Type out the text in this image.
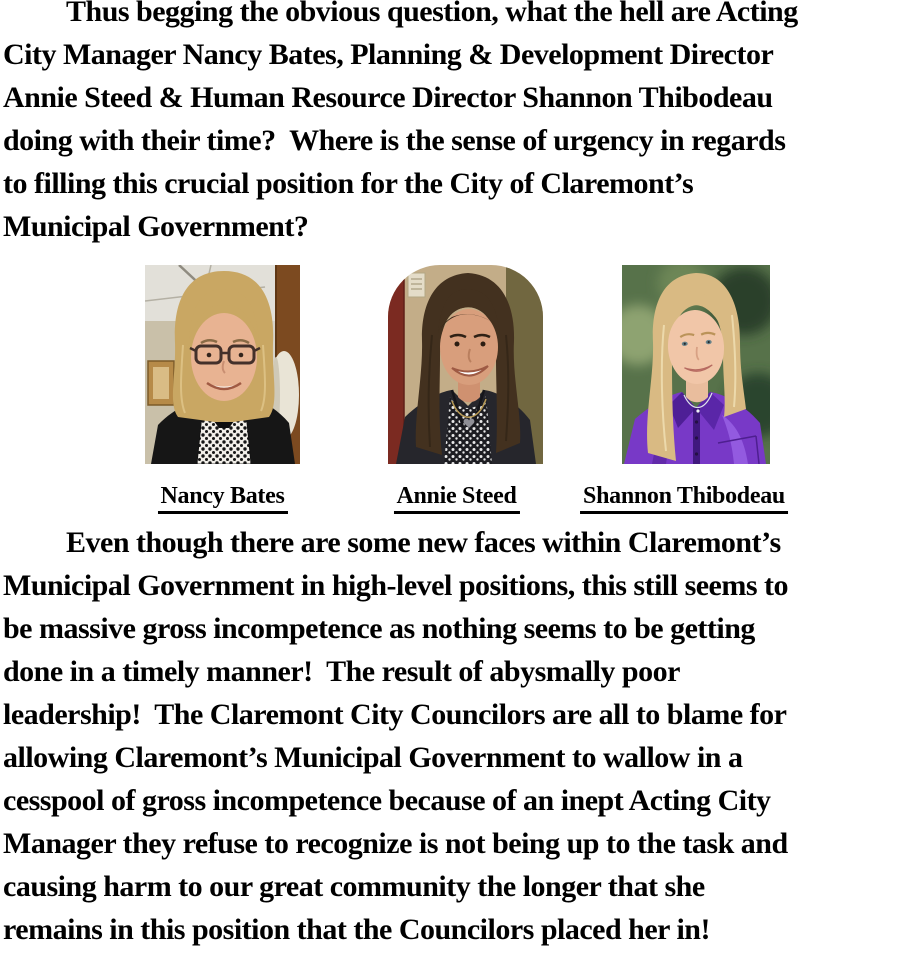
Thus begging the obvious question, what the hell are Acting
City Manager Nancy Bates, Planning & Development Director
Annie Steed & Human Resource Director Shannon Thibodeau
doing with their time?  Where is the sense of urgency in regards
to filling this crucial position for the City of Claremont’s
Municipal Government?
Nancy Bates	Annie Steed	Shannon Thibodeau
Even though there are some new faces within Claremont’s
Municipal Government in high-level positions, this still seems to
be massive gross incompetence as nothing seems to be getting
done in a timely manner!  The result of abysmally poor
leadership!  The Claremont City Councilors are all to blame for
allowing Claremont’s Municipal Government to wallow in a
cesspool of gross incompetence because of an inept Acting City
Manager they refuse to recognize is not being up to the task and
causing harm to our great community the longer that she
remains in this position that the Councilors placed her in!
